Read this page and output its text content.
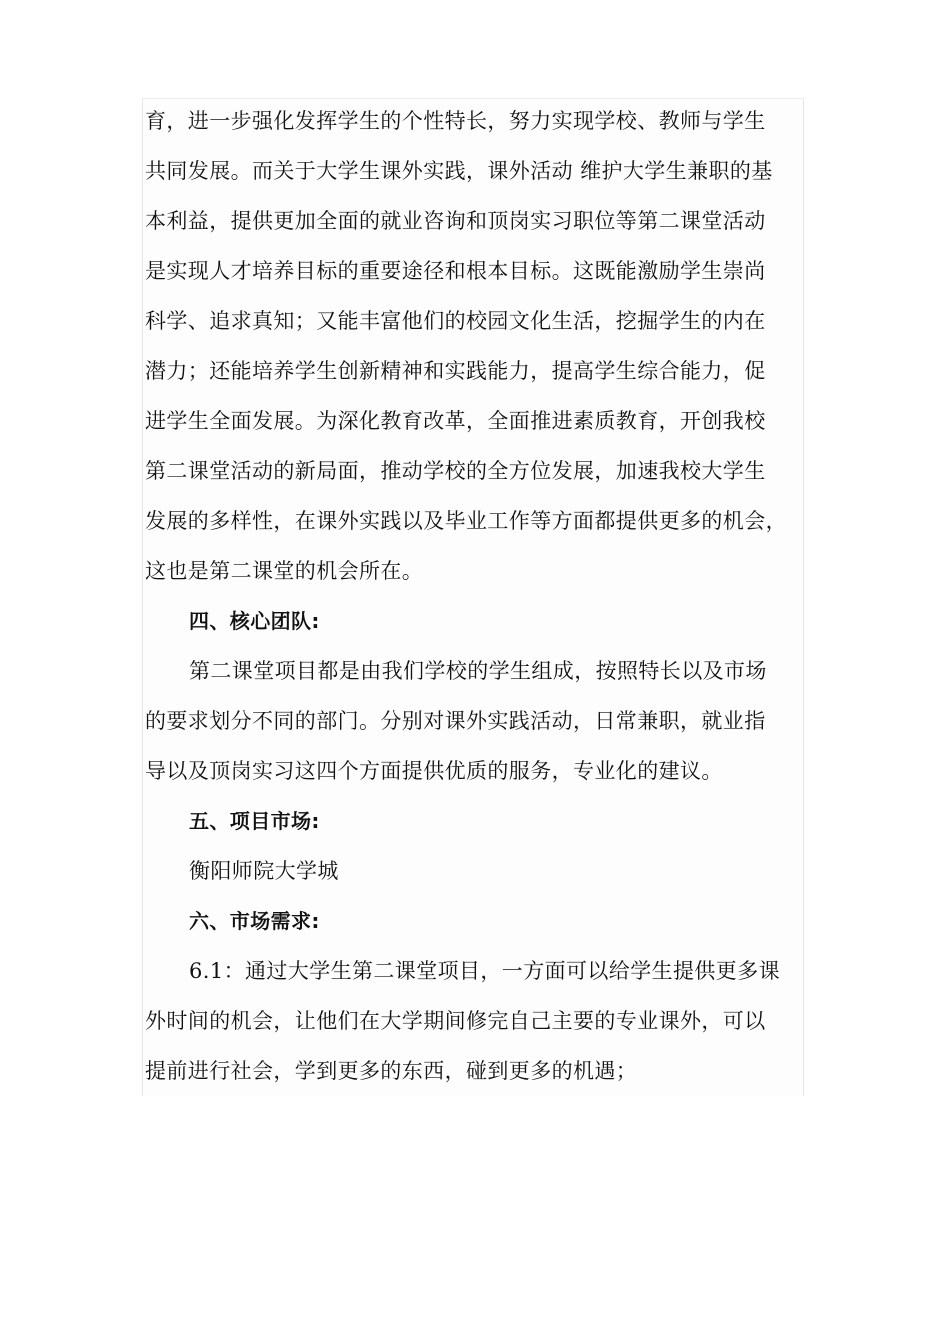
育，进一步强化发挥学生的个性特长，努力实现学校、教师与学生
共同发展。而关于大学生课外实践，课外活动 维护大学生兼职的基
本利益，提供更加全面的就业咨询和顶岗实习职位等第二课堂活动
是实现人才培养目标的重要途径和根本目标。这既能激励学生崇尚
科学、追求真知；又能丰富他们的校园文化生活，挖掘学生的内在
潜力；还能培养学生创新精神和实践能力，提高学生综合能力，促
进学生全面发展。为深化教育改革，全面推进素质教育，开创我校
第二课堂活动的新局面，推动学校的全方位发展，加速我校大学生
发展的多样性，在课外实践以及毕业工作等方面都提供更多的机会，
这也是第二课堂的机会所在。
四、核心团队:
第二课堂项目都是由我们学校的学生组成，按照特长以及市场
的要求划分不同的部门。分别对课外实践活动，日常兼职，就业指
导以及顶岗实习这四个方面提供优质的服务，专业化的建议。
五、项目市场:
衡阳师院大学城
六、市场需求:
6.1：通过大学生第二课堂项目，一方面可以给学生提供更多课
外时间的机会，让他们在大学期间修完自己主要的专业课外，可以
提前进行社会，学到更多的东西，碰到更多的机遇；
